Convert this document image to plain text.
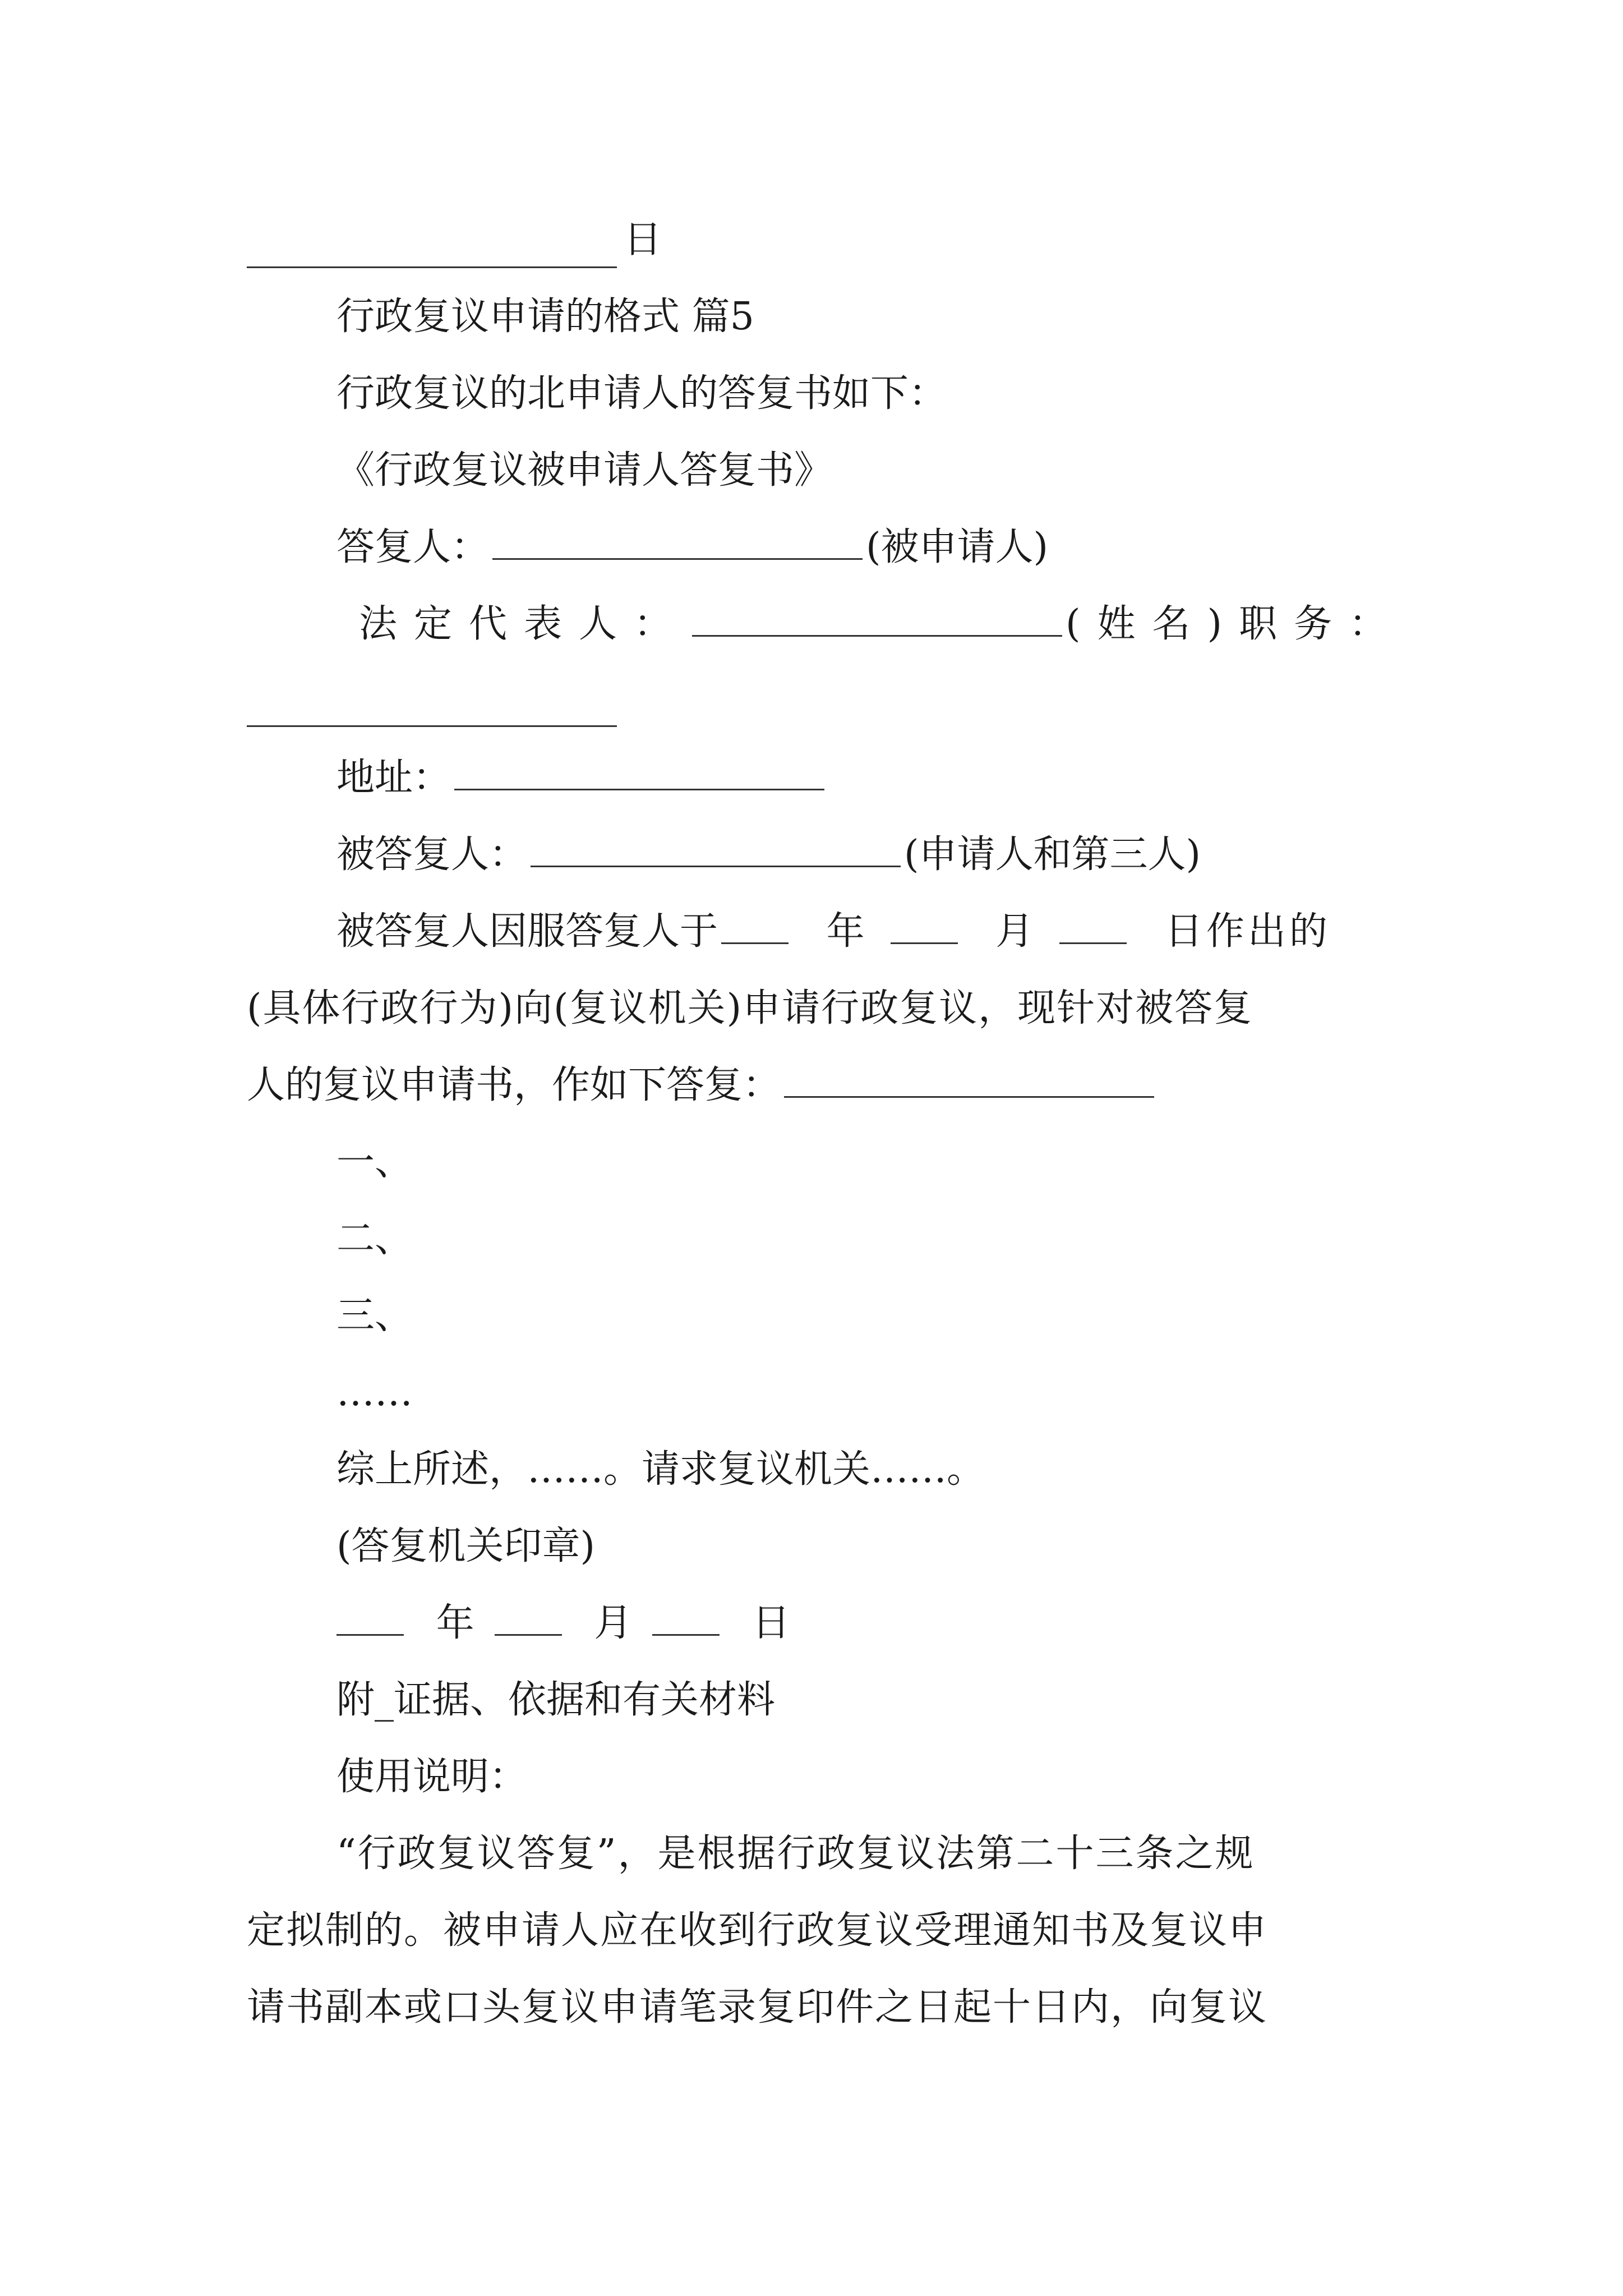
日
行政复议申请的格式 篇5
行政复议的北申请人的答复书如下：
《行政复议被申请人答复书》
答复人：	(被申请人)
法定代表人：	(姓名)职务：
地址：
被答复人：	(申请人和第三人)
被答复人因服答复人于	年	月	日作出的
(具体行政行为)向(复议机关)申请行政复议，现针对被答复
人的复议申请书，作如下答复：
一、
二、
三、
……
综上所述，……。请求复议机关……。
(答复机关印章)
年	月	日
附_证据、依据和有关材料
使用说明：
“行政复议答复”，是根据行政复议法第二十三条之规
定拟制的。被申请人应在收到行政复议受理通知书及复议申
请书副本或口头复议申请笔录复印件之日起十日内，向复议
